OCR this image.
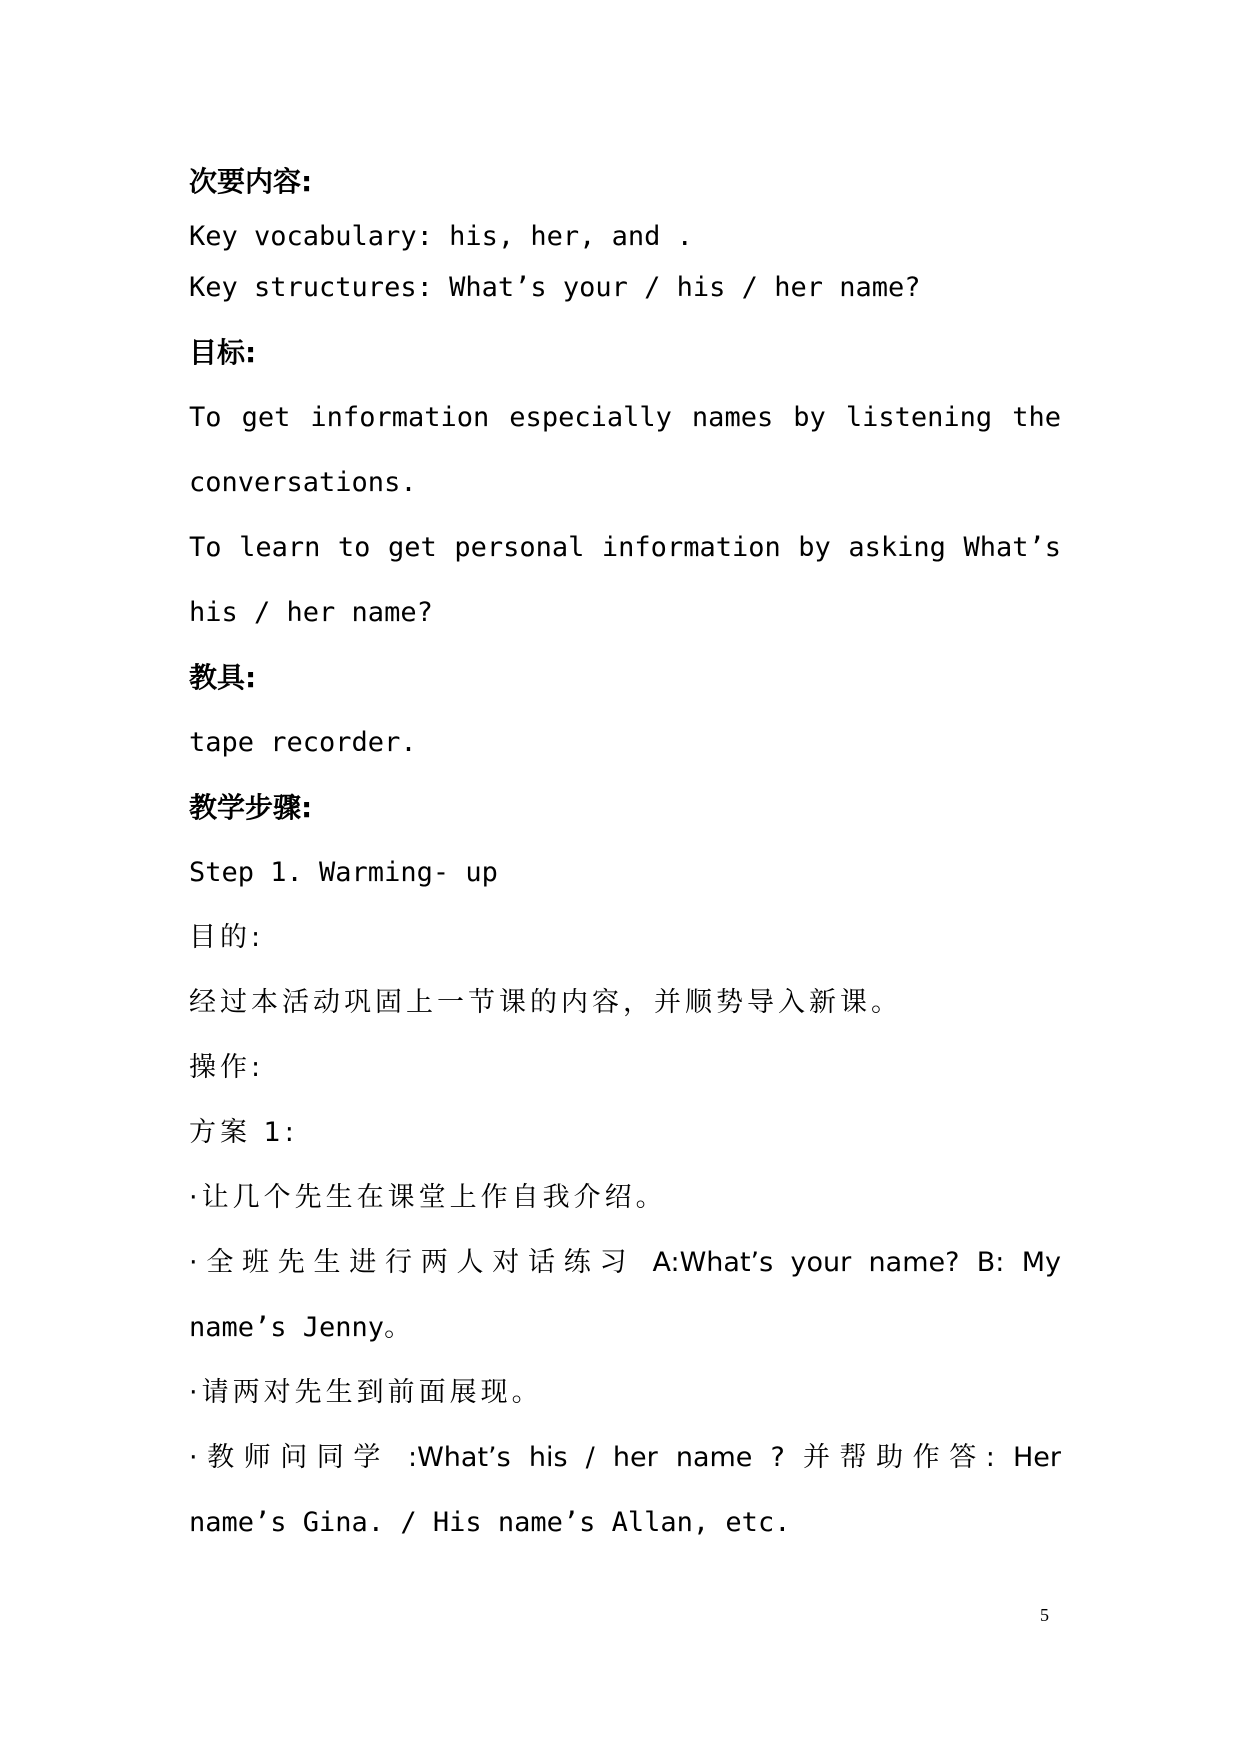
次要内容:

Key vocabulary: his, her, and .

Key structures: What’s your / his / her name?

目标:

To get information especially names by listening the

conversations.

To learn to get personal information by asking What’s

his / her name?

教具:

tape recorder.

教学步骤:

Step 1. Warming- up

目的:

经过本活动巩固上一节课的内容，并顺势导入新课。

操作:

方案 1:

·让几个先生在课堂上作自我介绍。

·全班先生进行两人对话练习 A:What’s your name? B: My

name’s Jenny。

·请两对先生到前面展现。

·教师问同学 :What’s his / her name ? 并帮助作答: Her

name’s Gina. / His name’s Allan, etc.

5
